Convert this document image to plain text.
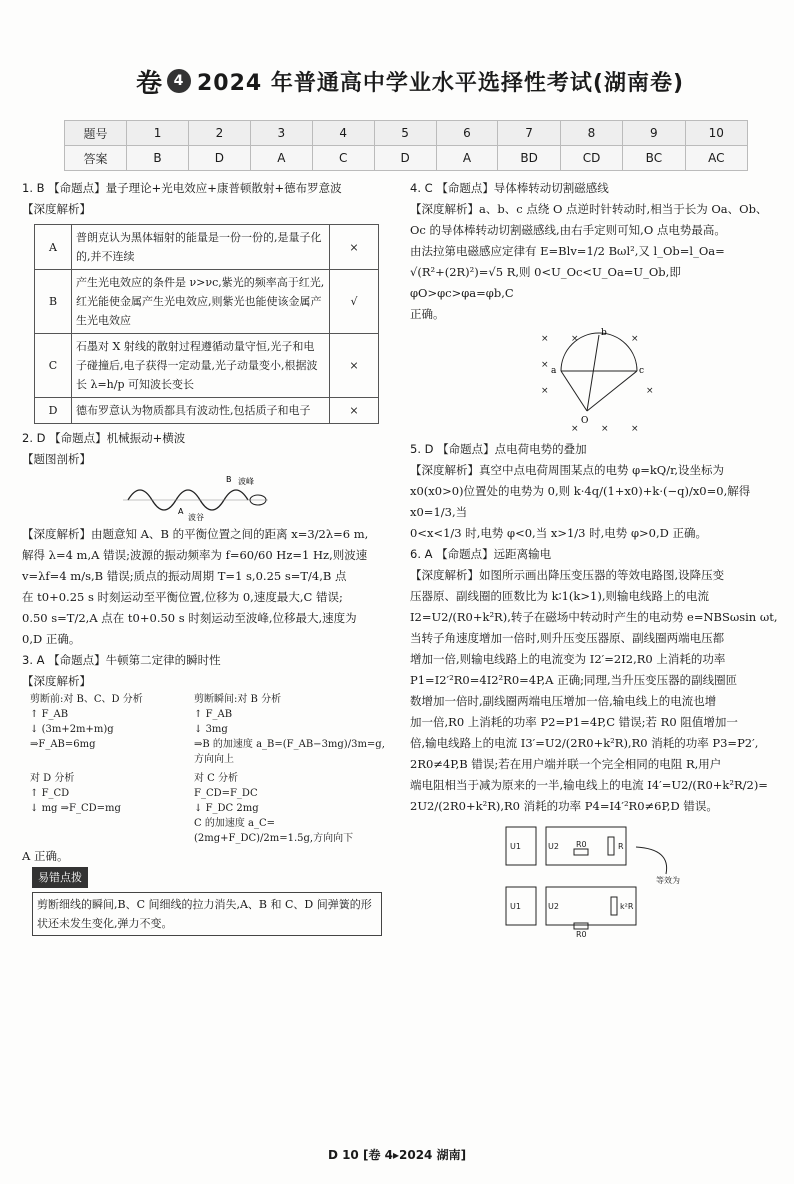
卷 4 2024 年普通高中学业水平选择性考试(湖南卷)
题号	1	2	3	4	5	6	7	8	9	10
答案	B	D	A	C	D	A	BD	CD	BC	AC

1. B 【命题点】量子理论+光电效应+康普顿散射+德布罗意波

【深度解析】

A	普朗克认为黑体辐射的能量是一份一份的,是量子化的,并不连续	×
B	产生光电效应的条件是 ν>νc,紫光的频率高于红光,红光能使金属产生光电效应,则紫光也能使该金属产生光电效应	√
C	石墨对 X 射线的散射过程遵循动量守恒,光子和电子碰撞后,电子获得一定动量,光子动量变小,根据波长 λ=h/p 可知波长变长	×
D	德布罗意认为物质都具有波动性,包括质子和电子	×

2. D 【命题点】机械振动+横波

【题图剖析】

A
B 波峰
波谷

【深度解析】由题意知 A、B 的平衡位置之间的距离 x=3/2λ=6 m,

解得 λ=4 m,A 错误;波源的振动频率为 f=60/60 Hz=1 Hz,则波速

v=λf=4 m/s,B 错误;质点的振动周期 T=1 s,0.25 s=T/4,B 点

在 t0+0.25 s 时刻运动至平衡位置,位移为 0,速度最大,C 错误;

0.50 s=T/2,A 点在 t0+0.50 s 时刻运动至波峰,位移最大,速度为

0,D 正确。

3. A 【命题点】牛顿第二定律的瞬时性

【深度解析】

剪断前:对 B、C、D 分析
↑ F_AB
↓ (3m+2m+m)g ⇒F_AB=6mg
剪断瞬间:对 B 分析
↑ F_AB
↓ 3mg
⇒B 的加速度 a_B=(F_AB−3mg)/3m=g,方向向上
对 D 分析
↑ F_CD
↓ mg ⇒F_CD=mg
对 C 分析
F_CD=F_DC
↓ F_DC 2mg
C 的加速度 a_C=(2mg+F_DC)/2m=1.5g,方向向下

A 正确。

易错点拨
剪断细线的瞬间,B、C 间细线的拉力消失,A、B 和 C、D 间弹簧的形状还未发生变化,弹力不变。

4. C 【命题点】导体棒转动切割磁感线

【深度解析】a、b、c 点绕 O 点逆时针转动时,相当于长为 Oa、Ob、

Oc 的导体棒转动切割磁感线,由右手定则可知,O 点电势最高。

由法拉第电磁感应定律有 E=Blv=1/2 Bωl²,又 l_Ob=l_Oa=

√(R²+(2R)²)=√5 R,则 0<U_Oc<U_Oa=U_Ob,即 φO>φc>φa=φb,C

正确。

× ×	×
×
×	×
× × ×
b
a	c
O

5. D 【命题点】点电荷电势的叠加

【深度解析】真空中点电荷周围某点的电势 φ=kQ/r,设坐标为

x0(x0>0)位置处的电势为 0,则 k·4q/(1+x0)+k·(−q)/x0=0,解得 x0=1/3,当

0<x<1/3 时,电势 φ<0,当 x>1/3 时,电势 φ>0,D 正确。

6. A 【命题点】远距离输电

【深度解析】如图所示画出降压变压器的等效电路图,设降压变

压器原、副线圈的匝数比为 k∶1(k>1),则输电线路上的电流

I2=U2/(R0+k²R),转子在磁场中转动时产生的电动势 e=NBSωsin ωt,

当转子角速度增加一倍时,则升压变压器原、副线圈两端电压都

增加一倍,则输电线路上的电流变为 I2′=2I2,R0 上消耗的功率

P1=I2′²R0=4I2²R0=4P,A 正确;同理,当升压变压器的副线圈匝

数增加一倍时,副线圈两端电压增加一倍,输电线上的电流也增

加一倍,R0 上消耗的功率 P2=P1=4P,C 错误;若 R0 阻值增加一

倍,输电线路上的电流 I3′=U2/(2R0+k²R),R0 消耗的功率 P3=P2′,

2R0≠4P,B 错误;若在用户端并联一个完全相同的电阻 R,用户

端电阻相当于减为原来的一半,输电线上的电流 I4′=U2/(R0+k²R/2)=

2U2/(2R0+k²R),R0 消耗的功率 P4=I4′²R0≠6P,D 错误。

U1	U2 R0	R
U1	U2	k²R
R0
等效为
D 10 [卷 4▸2024 湖南]
